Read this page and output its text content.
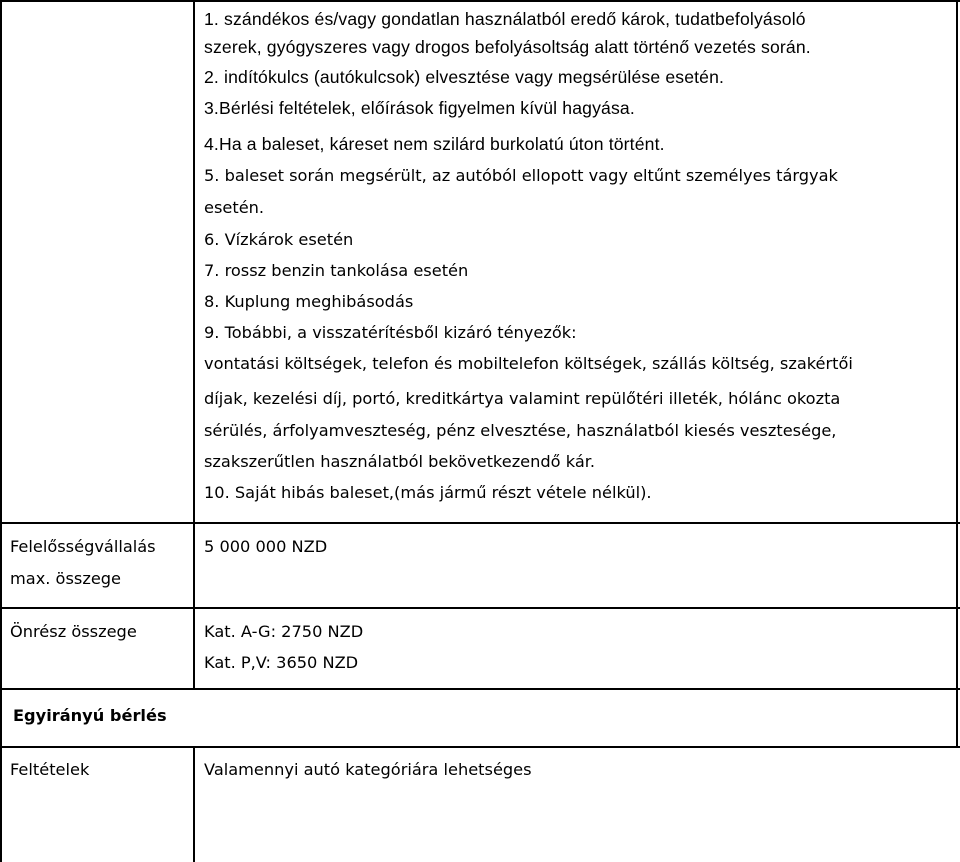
1. szándékos és/vagy gondatlan használatból eredő károk, tudatbefolyásoló
szerek, gyógyszeres vagy drogos befolyásoltság alatt történő vezetés során.
2. indítókulcs (autókulcsok) elvesztése vagy megsérülése esetén.
3.Bérlési feltételek, előírások figyelmen kívül hagyása.
4.Ha a baleset, káreset nem szilárd burkolatú úton történt.
5. baleset során megsérült, az autóból ellopott vagy eltűnt személyes tárgyak
esetén.
6. Vízkárok esetén
7. rossz benzin tankolása esetén
8. Kuplung meghibásodás
9. Tobábbi, a visszatérítésből kizáró tényezők:
vontatási költségek, telefon és mobiltelefon költségek, szállás költség, szakértői
díjak, kezelési díj, portó, kreditkártya valamint repülőtéri illeték, hólánc okozta
sérülés, árfolyamveszteség, pénz elvesztése, használatból kiesés vesztesége,
szakszerűtlen használatból bekövetkezendő kár.
10. Saját hibás baleset,(más jármű részt vétele nélkül).
Felelősségvállalás
max. összege
5 000 000 NZD
Önrész összege	Kat. A-G: 2750 NZD
Kat. P,V: 3650 NZD
Egyirányú bérlés
Feltételek	Valamennyi autó kategóriára lehetséges
